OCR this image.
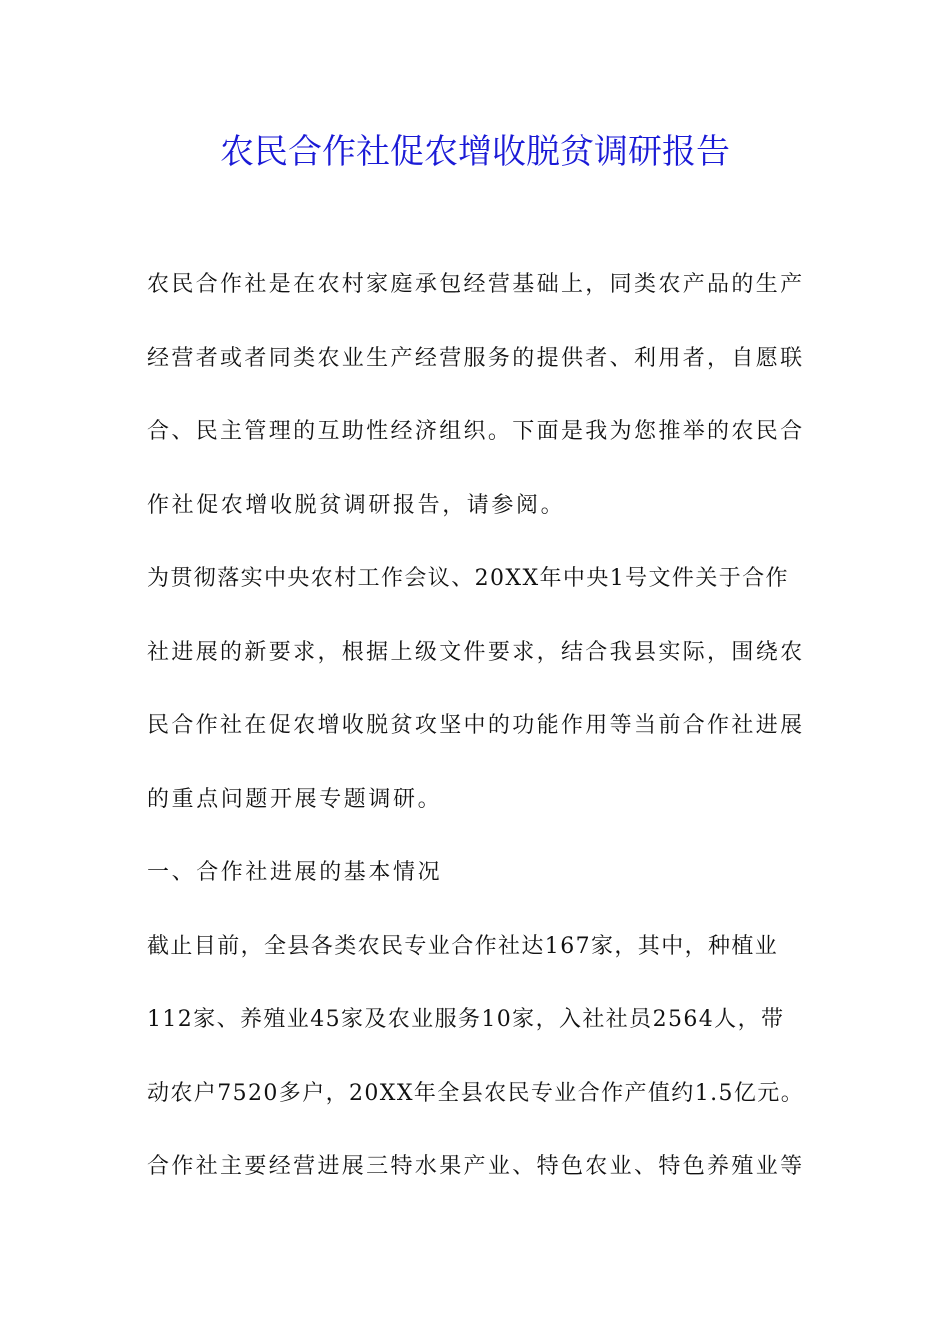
农民合作社促农增收脱贫调研报告
农民合作社是在农村家庭承包经营基础上，同类农产品的生产
经营者或者同类农业生产经营服务的提供者、利用者，自愿联
合、民主管理的互助性经济组织。下面是我为您推举的农民合
作社促农增收脱贫调研报告，请参阅。
为贯彻落实中央农村工作会议、20XX年中央1号文件关于合作
社进展的新要求，根据上级文件要求，结合我县实际，围绕农
民合作社在促农增收脱贫攻坚中的功能作用等当前合作社进展
的重点问题开展专题调研。
一、合作社进展的基本情况
截止目前，全县各类农民专业合作社达167家，其中，种植业
112家、养殖业45家及农业服务10家，入社社员2564人，带
动农户7520多户，20XX年全县农民专业合作产值约1.5亿元。
合作社主要经营进展三特水果产业、特色农业、特色养殖业等
